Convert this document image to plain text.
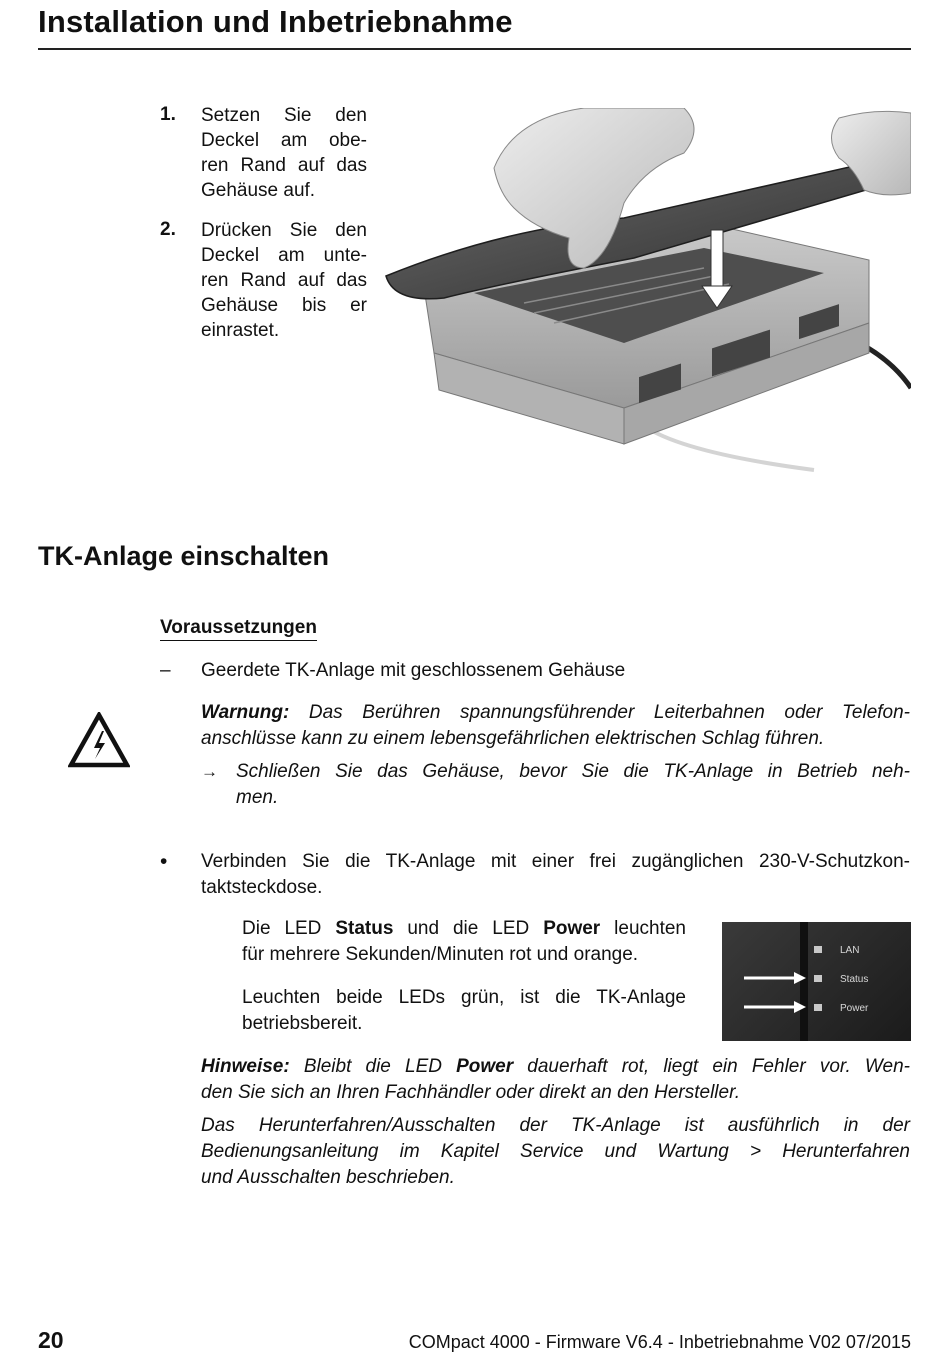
Installation und Inbetriebnahme
1. Setzen Sie den
Deckel am obe-
ren Rand auf das
Gehäuse auf.
2. Drücken Sie den
Deckel am unte-
ren Rand auf das
Gehäuse bis er
einrastet.
TK-Anlage einschalten
Voraussetzungen
– Geerdete TK-Anlage mit geschlossenem Gehäuse
Warnung: Das Berühren spannungsführender Leiterbahnen oder Telefon-
anschlüsse kann zu einem lebensgefährlichen elektrischen Schlag führen.
→ Schließen Sie das Gehäuse, bevor Sie die TK-Anlage in Betrieb neh-
men.
• Verbinden Sie die TK-Anlage mit einer frei zugänglichen 230-V-Schutzkon-
taktsteckdose.
Die LED Status und die LED Power leuchten
für mehrere Sekunden/Minuten rot und orange.
Leuchten beide LEDs grün, ist die TK-Anlage
betriebsbereit.
LAN
Status
Power
Hinweise: Bleibt die LED Power dauerhaft rot, liegt ein Fehler vor. Wen-
den Sie sich an Ihren Fachhändler oder direkt an den Hersteller.
Das Herunterfahren/Ausschalten der TK-Anlage ist ausführlich in der
Bedienungsanleitung im Kapitel Service und Wartung > Herunterfahren
und Ausschalten beschrieben.
20	COMpact 4000 - Firmware V6.4 - Inbetriebnahme V02 07/2015
